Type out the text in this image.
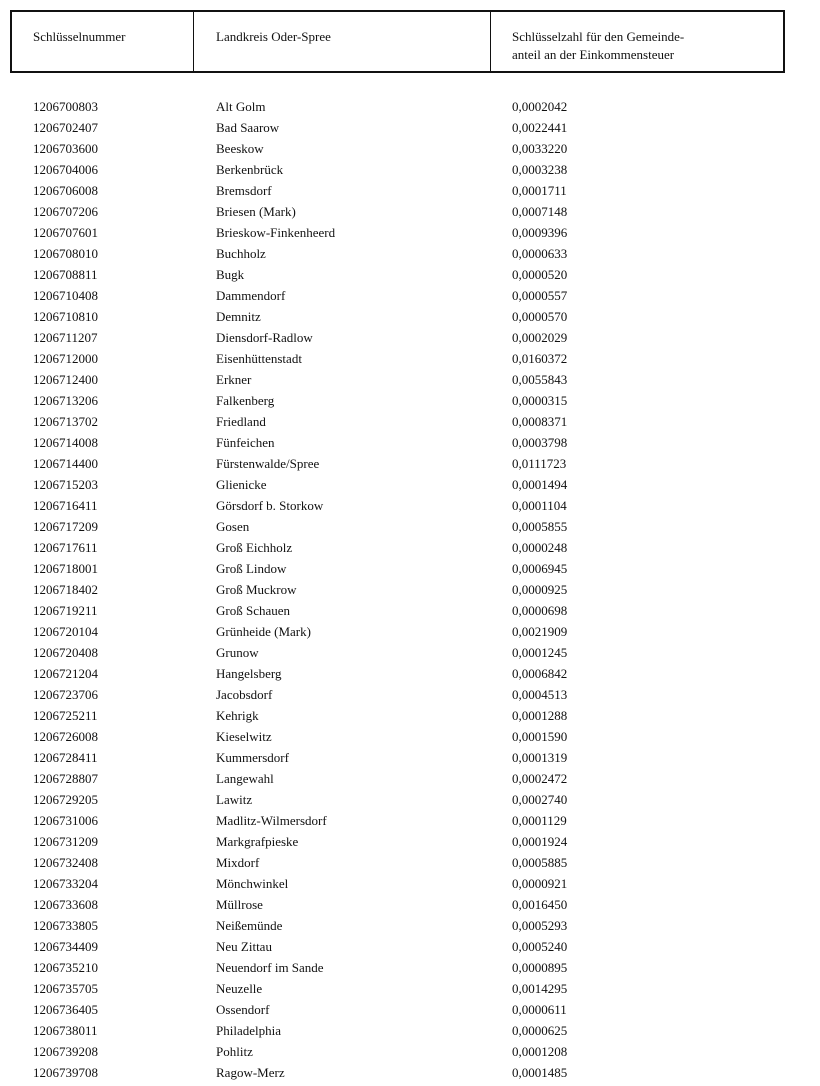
Schlüsselnummer	Landkreis Oder-Spree	Schlüsselzahl für den Gemeinde-
anteil an der Einkommensteuer
1206700803	Alt Golm	0,0002042
1206702407	Bad Saarow	0,0022441
1206703600	Beeskow	0,0033220
1206704006	Berkenbrück	0,0003238
1206706008	Bremsdorf	0,0001711
1206707206	Briesen (Mark)	0,0007148
1206707601	Brieskow-Finkenheerd	0,0009396
1206708010	Buchholz	0,0000633
1206708811	Bugk	0,0000520
1206710408	Dammendorf	0,0000557
1206710810	Demnitz	0,0000570
1206711207	Diensdorf-Radlow	0,0002029
1206712000	Eisenhüttenstadt	0,0160372
1206712400	Erkner	0,0055843
1206713206	Falkenberg	0,0000315
1206713702	Friedland	0,0008371
1206714008	Fünfeichen	0,0003798
1206714400	Fürstenwalde/Spree	0,0111723
1206715203	Glienicke	0,0001494
1206716411	Görsdorf b. Storkow	0,0001104
1206717209	Gosen	0,0005855
1206717611	Groß Eichholz	0,0000248
1206718001	Groß Lindow	0,0006945
1206718402	Groß Muckrow	0,0000925
1206719211	Groß Schauen	0,0000698
1206720104	Grünheide (Mark)	0,0021909
1206720408	Grunow	0,0001245
1206721204	Hangelsberg	0,0006842
1206723706	Jacobsdorf	0,0004513
1206725211	Kehrigk	0,0001288
1206726008	Kieselwitz	0,0001590
1206728411	Kummersdorf	0,0001319
1206728807	Langewahl	0,0002472
1206729205	Lawitz	0,0002740
1206731006	Madlitz-Wilmersdorf	0,0001129
1206731209	Markgrafpieske	0,0001924
1206732408	Mixdorf	0,0005885
1206733204	Mönchwinkel	0,0000921
1206733608	Müllrose	0,0016450
1206733805	Neißemünde	0,0005293
1206734409	Neu Zittau	0,0005240
1206735210	Neuendorf im Sande	0,0000895
1206735705	Neuzelle	0,0014295
1206736405	Ossendorf	0,0000611
1206738011	Philadelphia	0,0000625
1206739208	Pohlitz	0,0001208
1206739708	Ragow-Merz	0,0001485
